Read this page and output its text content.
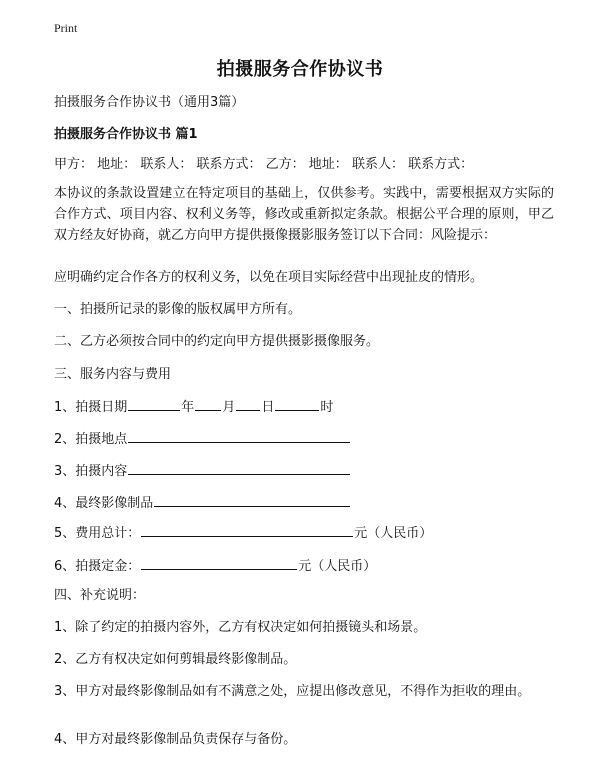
Print
拍摄服务合作协议书
拍摄服务合作协议书（通用3篇）
拍摄服务合作协议书 篇1
甲方： 地址： 联系人： 联系方式： 乙方： 地址： 联系人： 联系方式：
本协议的条款设置建立在特定项目的基础上，仅供参考。实践中，需要根据双方实际的合作方式、项目内容、权利义务等，修改或重新拟定条款。根据公平合理的原则，甲乙双方经友好协商，就乙方向甲方提供摄像摄影服务签订以下合同：风险提示：
应明确约定合作各方的权利义务，以免在项目实际经营中出现扯皮的情形。
一、拍摄所记录的影像的版权属甲方所有。
二、乙方必须按合同中的约定向甲方提供摄影摄像服务。
三、服务内容与费用
1、拍摄日期	年 月 日	时
2、拍摄地点
3、拍摄内容
4、最终影像制品
5、费用总计：	元（人民币）
6、拍摄定金：	元（人民币）
四、补充说明：
1、除了约定的拍摄内容外，乙方有权决定如何拍摄镜头和场景。
2、乙方有权决定如何剪辑最终影像制品。
3、甲方对最终影像制品如有不满意之处，应提出修改意见，不得作为拒收的理由。
4、甲方对最终影像制品负责保存与备份。
